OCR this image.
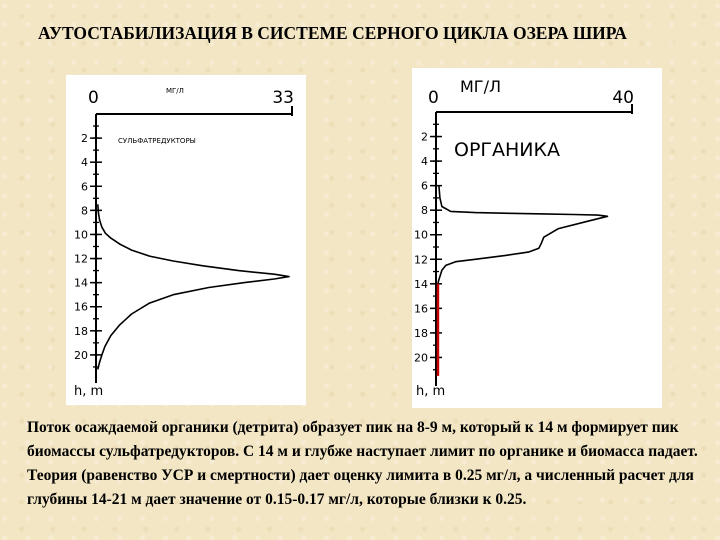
АУТОСТАБИЛИЗАЦИЯ В СИСТЕМЕ СЕРНОГО ЦИКЛА ОЗЕРА ШИРА
0	33
МГ/Л
2
4
6
8
10
12
14
16
18
20
h, m
СУЛЬФАТРЕДУКТОРЫ
0	40
МГ/Л
2
4
6
8
10
12
14
16
18
20
h, m
ОРГАНИКА
Поток осаждаемой органики (детрита) образует пик на 8-9 м, который к 14 м формирует пик биомассы сульфатредукторов. С 14 м и глубже наступает лимит по органике и биомасса падает. Теория (равенство УСР и смертности) дает оценку лимита в 0.25 мг/л, а численный расчет для глубины 14-21 м дает значение от 0.15-0.17 мг/л, которые близки к 0.25.
